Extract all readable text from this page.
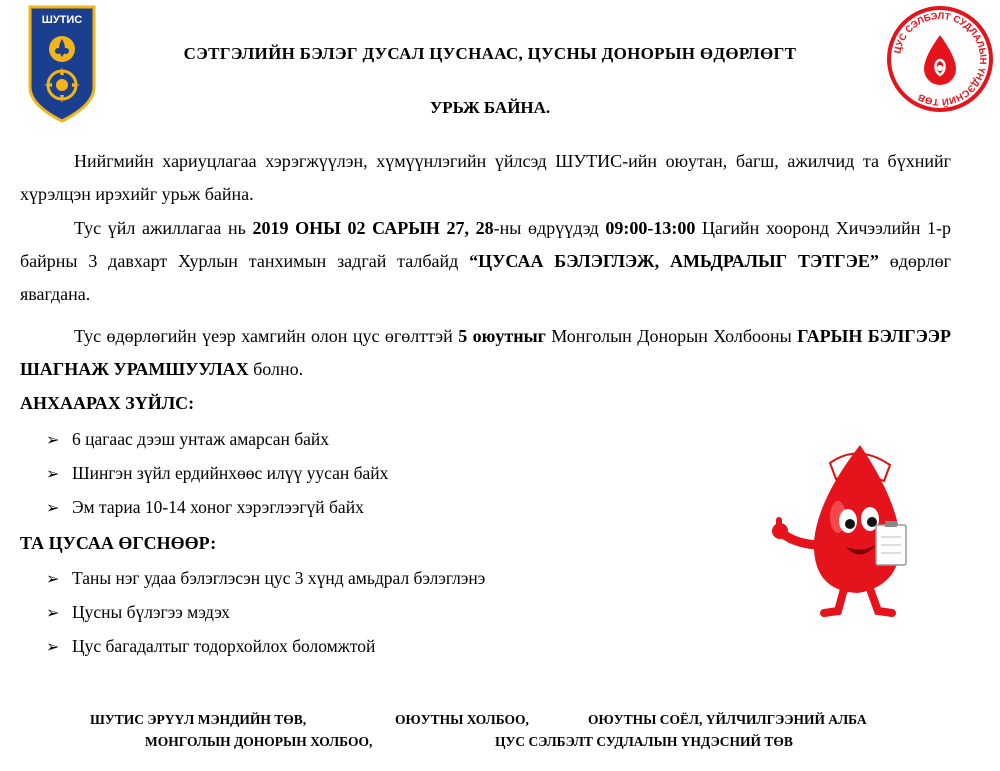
ШУТИС
ЦУС СЭЛБЭЛТ СУДЛАЛЫН ҮНДЭСНИЙ ТӨВ
СЭТГЭЛИЙН БЭЛЭГ ДУСАЛ ЦУСНААС, ЦУСНЫ ДОНОРЫН ӨДӨРЛӨГТ
УРЬЖ БАЙНА.
Нийгмийн хариуцлагаа хэрэгжүүлэн, хүмүүнлэгийн үйлсэд ШУТИС-ийн оюутан, багш, ажилчид та бүхнийг хүрэлцэн ирэхийг урьж байна.
Тус үйл ажиллагаа нь 2019 ОНЫ 02 САРЫН 27, 28-ны өдрүүдэд 09:00-13:00 Цагийн хооронд Хичээлийн 1-р байрны 3 давхарт Хурлын танхимын задгай талбайд “ЦУСАА БЭЛЭГЛЭЖ, АМЬДРАЛЫГ ТЭТГЭЕ” өдөрлөг явагдана.
Тус өдөрлөгийн үеэр хамгийн олон цус өгөлттэй 5 оюутныг Монголын Донорын Холбооны ГАРЫН БЭЛГЭЭР ШАГНАЖ УРАМШУУЛАХ болно.
АНХААРАХ ЗҮЙЛС:
➢ 6 цагаас дээш унтаж амарсан байх
➢ Шингэн зүйл ердийнхөөс илүү уусан байх
➢ Эм тариа 10-14 хоног хэрэглээгүй байх
ТА ЦУСАА ӨГСНӨӨР:
➢ Таны нэг удаа бэлэглэсэн цус 3 хүнд амьдрал бэлэглэнэ
➢ Цусны бүлэгээ мэдэх
➢ Цус багадалтыг тодорхойлох боломжтой
ШУТИС ЭРҮҮЛ МЭНДИЙН ТӨВ,	ОЮУТНЫ ХОЛБОО,	ОЮУТНЫ СОЁЛ, ҮЙЛЧИЛГЭЭНИЙ АЛБА
МОНГОЛЫН ДОНОРЫН ХОЛБОО,	ЦУС СЭЛБЭЛТ СУДЛАЛЫН ҮНДЭСНИЙ ТӨВ
